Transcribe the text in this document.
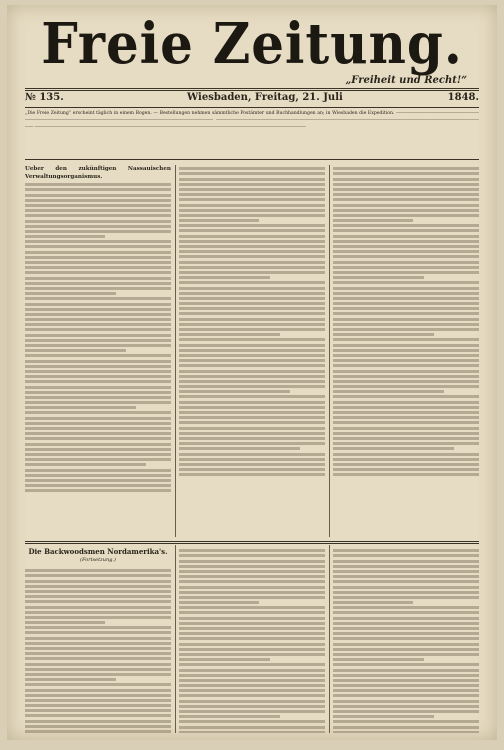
Freie Zeitung.
„Freiheit und Recht!“
№ 135.	Wiesbaden, Freitag, 21. Juli	1848.
„Die Freie Zeitung“ erscheint täglich in einem Bogen. — Bestellungen nehmen sämmtliche Postämter und Buchhandlungen an; in Wiesbaden die Expedition. ────────────────────────────────────────────────────────────────────────────────────────────────── ────────────────────────────────────────────────────────────────────────────────────────────────── ──────────────────────────────────────────────────────────────────────────────────────────────────
Ueber den zukünftigen Nassauischen Verwaltungsorganismus.
Die Backwoodsmen Nordamerika's.
(Fortsetzung.)
